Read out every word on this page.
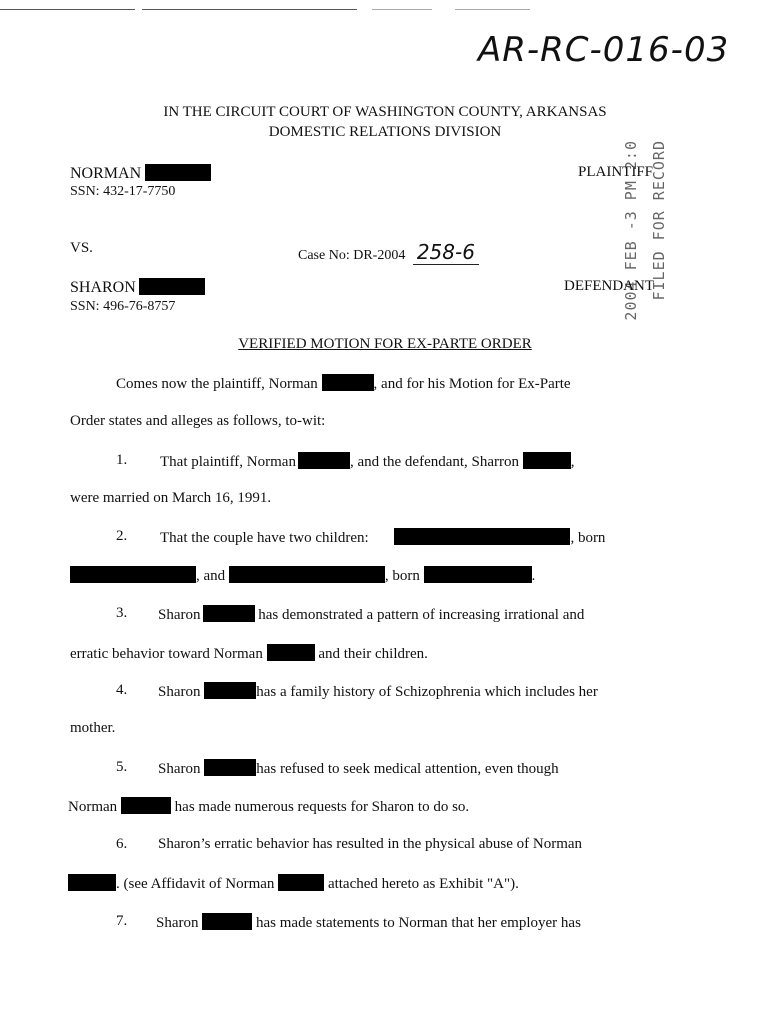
AR-RC-016-03
IN THE CIRCUIT COURT OF WASHINGTON COUNTY, ARKANSAS
DOMESTIC RELATIONS DIVISION
NORMAN
SSN: 432-17-7750
PLAINTIFF
FILED FOR RECORD
2004 FEB -3 PM 2:0
VS.	Case No: DR-2004 258-6
SHARON
SSN: 496-76-8757
DEFENDANT
VERIFIED MOTION FOR EX-PARTE ORDER
Comes now the plaintiff, Norman	, and for his Motion for Ex-Parte
Order states and alleges as follows, to-wit:
1. That plaintiff, Norman	, and the defendant, Sharron	,
were married on March 16, 1991.
2. That the couple have two children:	, born
, and	, born	.
3. Sharon	has demonstrated a pattern of increasing irrational and
erratic behavior toward Norman	and their children.
4. Sharon	has a family history of Schizophrenia which includes her
mother.
5. Sharon	has refused to seek medical attention, even though
Norman	has made numerous requests for Sharon to do so.
6. Sharon’s erratic behavior has resulted in the physical abuse of Norman
. (see Affidavit of Norman	attached hereto as Exhibit "A").
7. Sharon	has made statements to Norman that her employer has
